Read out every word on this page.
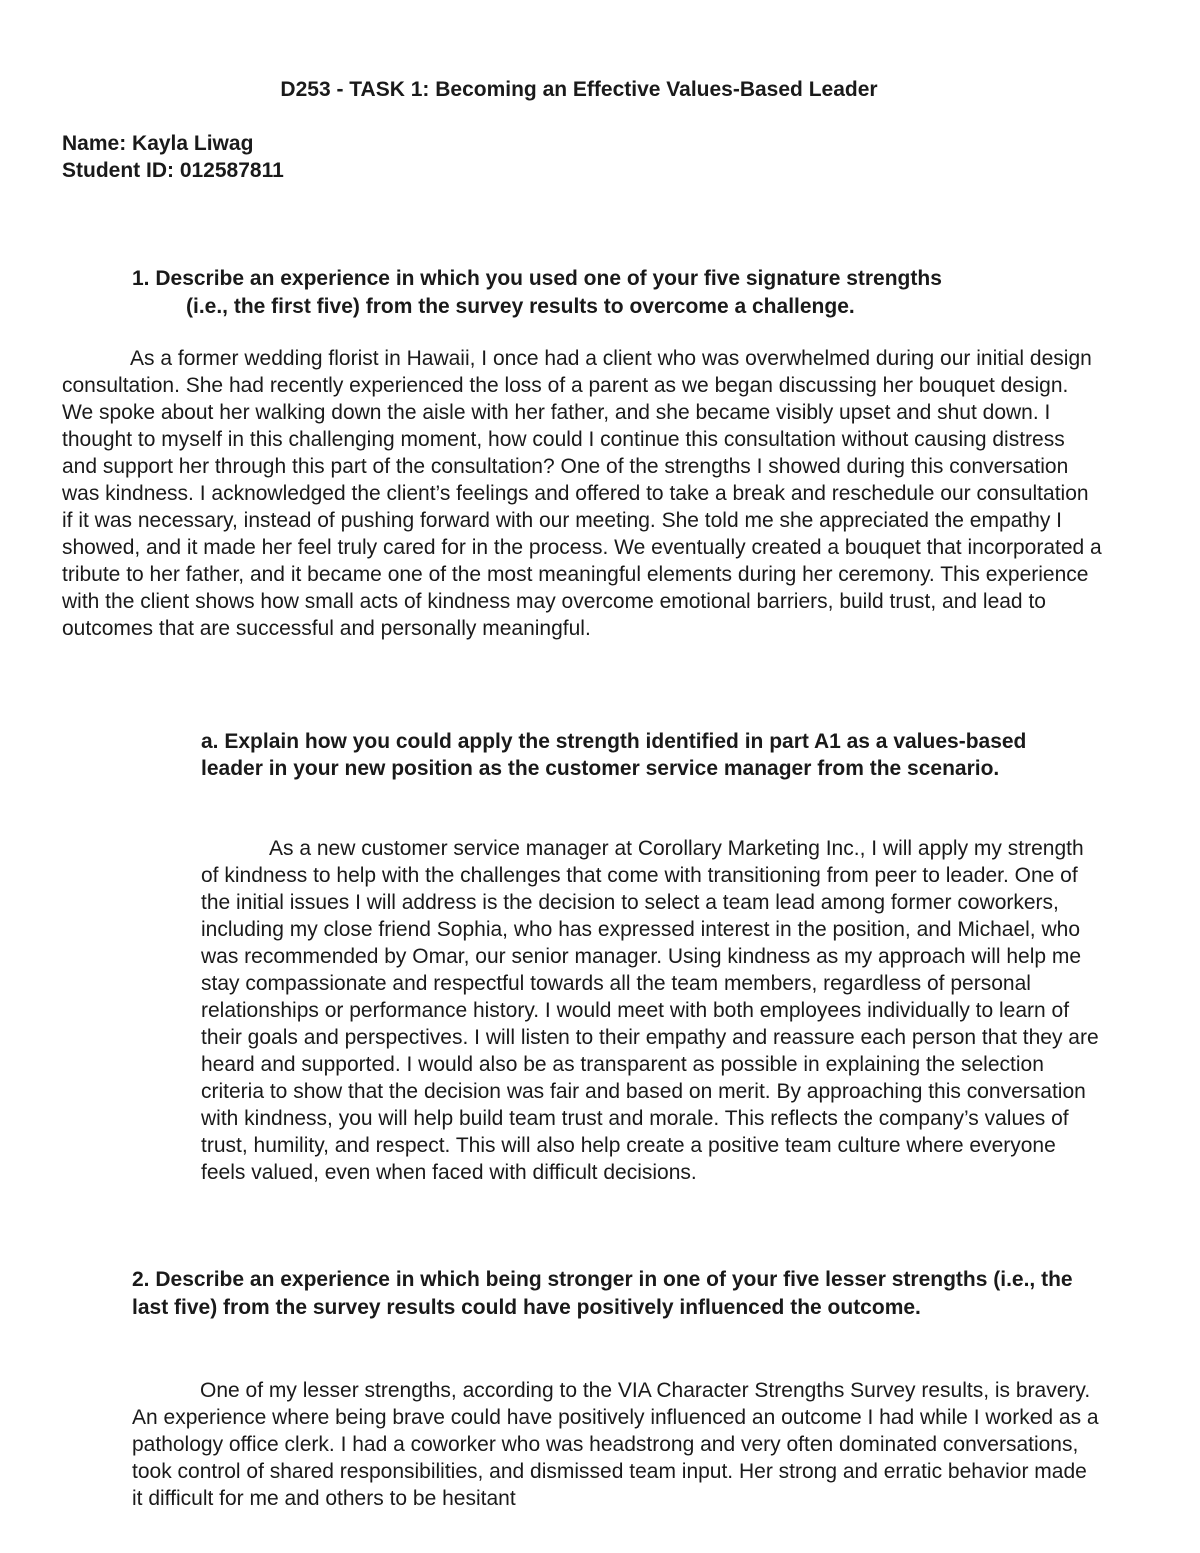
D253 - TASK 1: Becoming an Effective Values-Based Leader
Name: Kayla Liwag
Student ID: 012587811
1. Describe an experience in which you used one of your five signature strengths
(i.e., the first five) from the survey results to overcome a challenge.

As a former wedding florist in Hawaii, I once had a client who was overwhelmed during our initial design consultation. She had recently experienced the loss of a parent as we began discussing her bouquet design. We spoke about her walking down the aisle with her father, and she became visibly upset and shut down. I thought to myself in this challenging moment, how could I continue this consultation without causing distress and support her through this part of the consultation? One of the strengths I showed during this conversation was kindness. I acknowledged the client’s feelings and offered to take a break and reschedule our consultation if it was necessary, instead of pushing forward with our meeting. She told me she appreciated the empathy I showed, and it made her feel truly cared for in the process. We eventually created a bouquet that incorporated a tribute to her father, and it became one of the most meaningful elements during her ceremony. This experience with the client shows how small acts of kindness may overcome emotional barriers, build trust, and lead to outcomes that are successful and personally meaningful.

a. Explain how you could apply the strength identified in part A1 as a values-based leader in your new position as the customer service manager from the scenario.

As a new customer service manager at Corollary Marketing Inc., I will apply my strength of kindness to help with the challenges that come with transitioning from peer to leader. One of the initial issues I will address is the decision to select a team lead among former coworkers, including my close friend Sophia, who has expressed interest in the position, and Michael, who was recommended by Omar, our senior manager. Using kindness as my approach will help me stay compassionate and respectful towards all the team members, regardless of personal relationships or performance history. I would meet with both employees individually to learn of their goals and perspectives. I will listen to their empathy and reassure each person that they are heard and supported. I would also be as transparent as possible in explaining the selection criteria to show that the decision was fair and based on merit. By approaching this conversation with kindness, you will help build team trust and morale. This reflects the company’s values of trust, humility, and respect. This will also help create a positive team culture where everyone feels valued, even when faced with difficult decisions.

2. Describe an experience in which being stronger in one of your five lesser strengths (i.e., the last five) from the survey results could have positively influenced the outcome.

One of my lesser strengths, according to the VIA Character Strengths Survey results, is bravery. An experience where being brave could have positively influenced an outcome I had while I worked as a pathology office clerk. I had a coworker who was headstrong and very often dominated conversations, took control of shared responsibilities, and dismissed team input. Her strong and erratic behavior made it difficult for me and others to be hesitant
